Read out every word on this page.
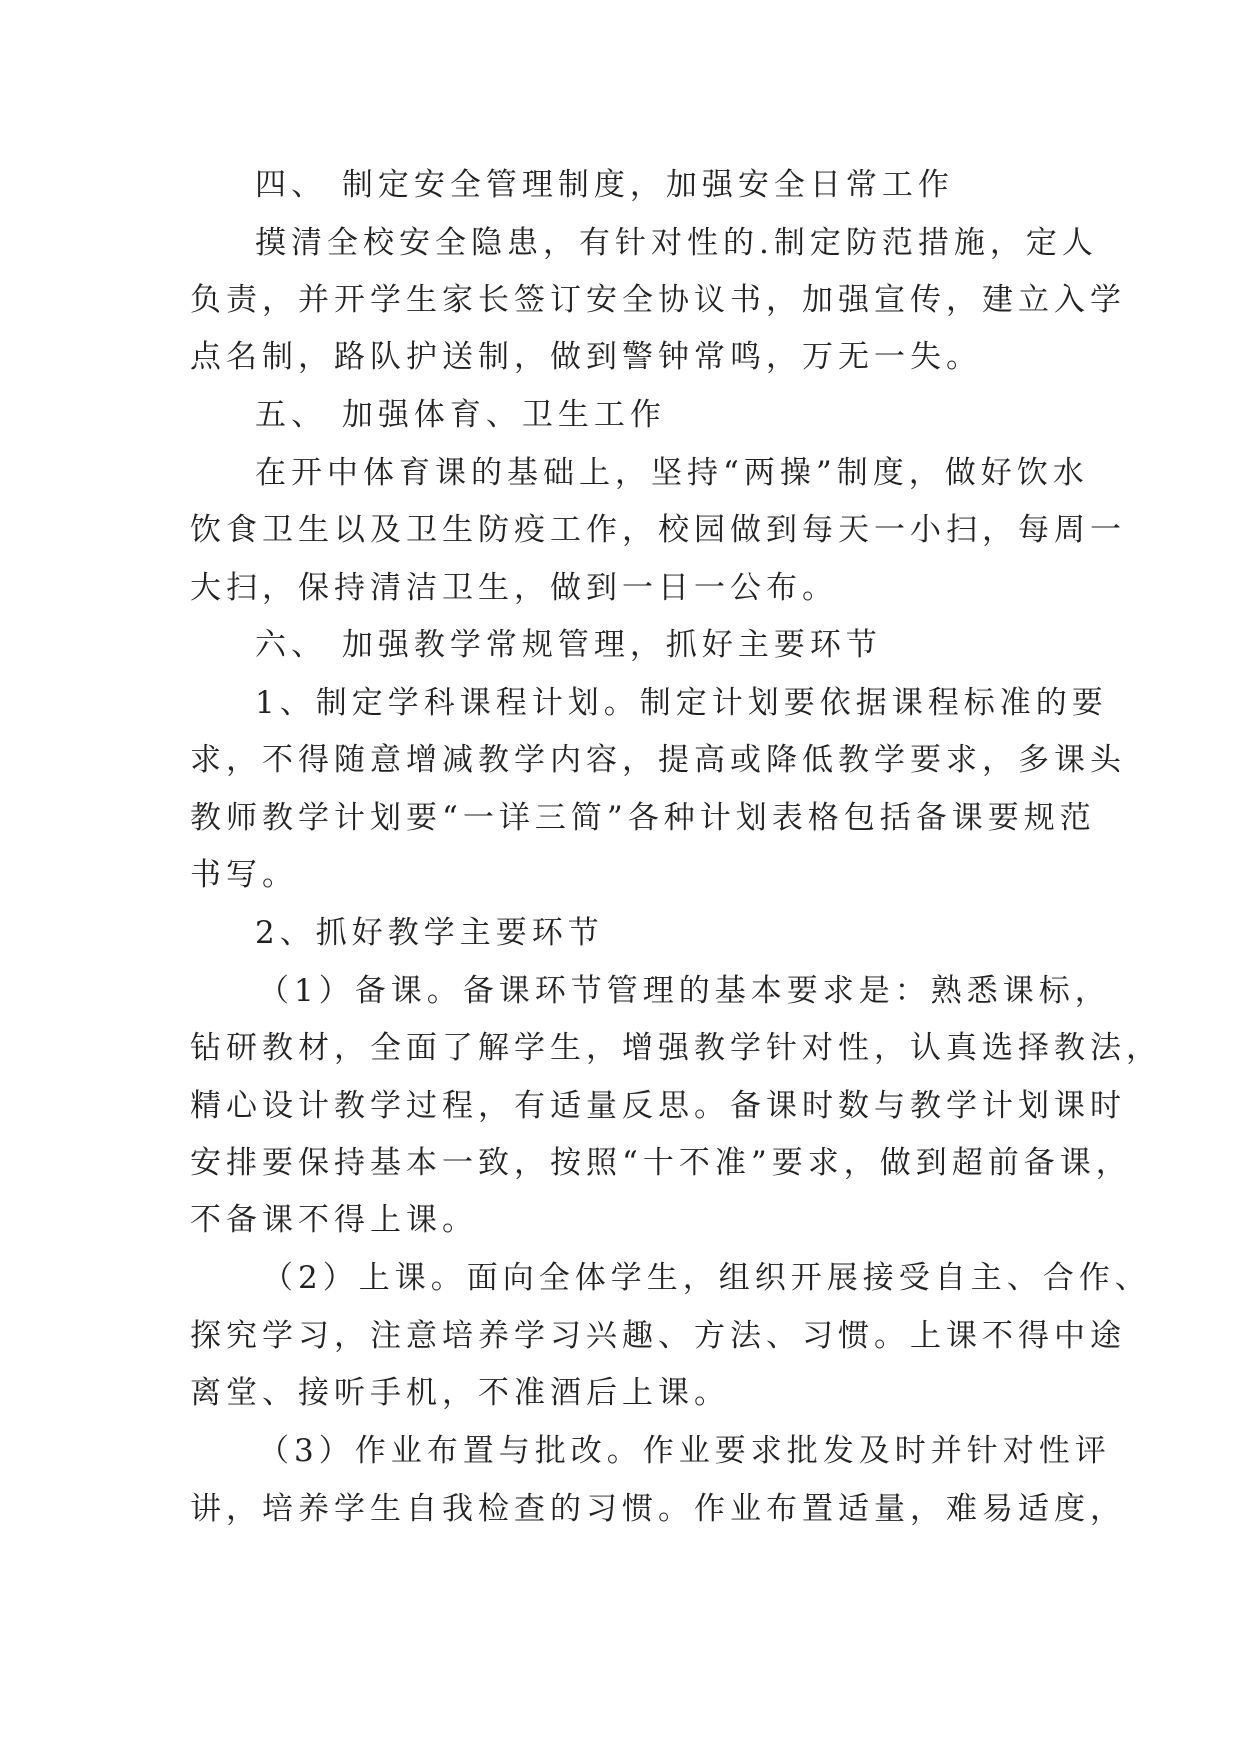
四、 制定安全管理制度，加强安全日常工作
摸清全校安全隐患，有针对性的.制定防范措施，定人
负责，并开学生家长签订安全协议书，加强宣传，建立入学
点名制，路队护送制，做到警钟常鸣，万无一失。
五、 加强体育、卫生工作
在开中体育课的基础上，坚持“两操”制度，做好饮水
饮食卫生以及卫生防疫工作，校园做到每天一小扫，每周一
大扫，保持清洁卫生，做到一日一公布。
六、 加强教学常规管理，抓好主要环节
1、制定学科课程计划。制定计划要依据课程标准的要
求，不得随意增减教学内容，提高或降低教学要求，多课头
教师教学计划要“一详三简”各种计划表格包括备课要规范
书写。
2、抓好教学主要环节
（1）备课。备课环节管理的基本要求是：熟悉课标，
钻研教材，全面了解学生，增强教学针对性，认真选择教法，
精心设计教学过程，有适量反思。备课时数与教学计划课时
安排要保持基本一致，按照“十不准”要求，做到超前备课，
不备课不得上课。
（2）上课。面向全体学生，组织开展接受自主、合作、
探究学习，注意培养学习兴趣、方法、习惯。上课不得中途
离堂、接听手机，不准酒后上课。
（3）作业布置与批改。作业要求批发及时并针对性评
讲，培养学生自我检查的习惯。作业布置适量，难易适度，
